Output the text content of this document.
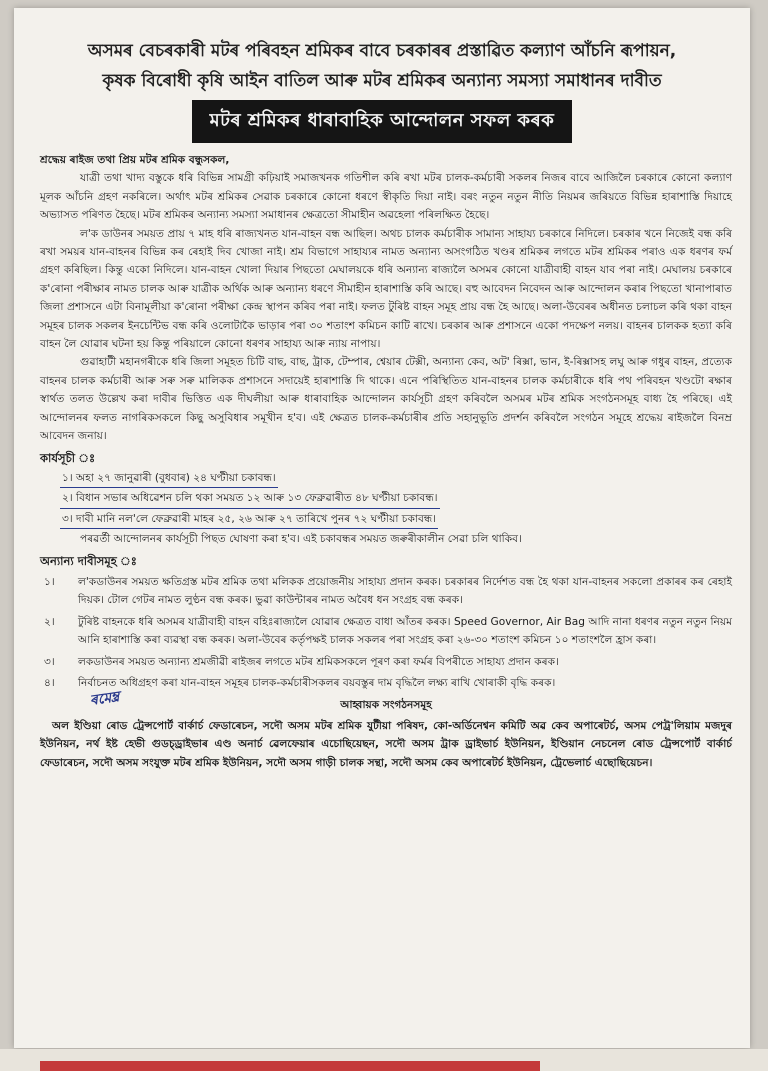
অসমৰ বেচৰকাৰী মটৰ পৰিবহন শ্ৰমিকৰ বাবে চৰকাৰৰ প্ৰস্তাৱিত কল্যাণ আঁচনি ৰূপায়ন,
কৃষক বিৰোধী কৃষি আইন বাতিল আৰু মটৰ শ্ৰমিকৰ অন্যান্য সমস্যা সমাধানৰ দাবীত
মটৰ শ্ৰমিকৰ ধাৰাবাহিক আন্দোলন সফল কৰক

শ্ৰদ্ধেয় ৰাইজ তথা প্ৰিয় মটৰ শ্ৰমিক বন্ধুসকল,

যাত্ৰী তথা খাদ্য বস্তুকে ধৰি বিভিন্ন সামগ্ৰী কঢ়িয়াই সমাজখনক গতিশীল কৰি ৰখা মটৰ চালক-কৰ্মচাৰী সকলৰ নিজৰ বাবে আজিলৈ চৰকাৰে কোনো কল্যাণ মূলক আঁচনি গ্ৰহণ নকৰিলে। অৰ্থাৎ মটৰ শ্ৰমিকৰ সেৱাক চৰকাৰে কোনো ধৰণে স্বীকৃতি দিয়া নাই। বৰং নতুন নতুন নীতি নিয়মৰ জৰিয়তে বিভিন্ন হাৰাশাস্তি দিয়াহে অভ্যাসত পৰিণত হৈছে। মটৰ শ্ৰমিকৰ অন্যান্য সমস্যা সমাধানৰ ক্ষেত্ৰতো সীমাহীন অৱহেলা পৰিলক্ষিত হৈছে।

ল'ক ডাউনৰ সময়ত প্ৰায় ৭ মাহ ধৰি ৰাজ্যখনত যান-বাহন বন্ধ আছিল। অথচ চালক কৰ্মচাৰীক সামান্য সাহায্য চৰকাৰে নিদিলে। চৰকাৰ খনে নিজেই বন্ধ কৰি ৰখা সময়ৰ যান-বাহনৰ বিভিন্ন কৰ ৰেহাই দিব খোজা নাই। শ্ৰম বিভাগে সাহায্যৰ নামত অন্যান্য অসংগঠিত খণ্ডৰ শ্ৰমিকৰ লগতে মটৰ শ্ৰমিকৰ পৰাও এক ধৰণৰ ফৰ্ম গ্ৰহণ কৰিছিল। কিন্তু একো নিদিলে। যান-বাহন খোলা দিয়াৰ পিছতো মেঘালয়কে ধৰি অন্যান্য ৰাজ্যলৈ অসমৰ কোনো যাত্ৰীবাহী বাহন যাব পৰা নাই। মেঘালয় চৰকাৰে ক'ৰোনা পৰীক্ষাৰ নামত চালক আৰু যাত্ৰীক অৰ্থিক আৰু অন্যান্য ধৰণে সীমাহীন হাৰাশাস্তি কৰি আছে। বহু আবেদন নিবেদন আৰু আন্দোলন কৰাৰ পিছতো খানাপাৰাত জিলা প্ৰশাসনে এটা বিনামূলীয়া ক'ৰোনা পৰীক্ষা কেন্দ্ৰ স্থাপন কৰিব পৰা নাই। ফলত টুৰিষ্ট বাহন সমূহ প্ৰায় বন্ধ হৈ আছে। অলা-উবেৰৰ অধীনত চলাচল কৰি থকা বাহন সমূহৰ চালক সকলৰ ইনচেন্টিভ বন্ধ কৰি ওলোটাকৈ ভাড়াৰ পৰা ৩০ শতাংশ কমিচন কাটি ৰাখে। চৰকাৰ আৰু প্ৰশাসনে একো পদক্ষেপ নলয়। বাহনৰ চালকক হত্যা কৰি বাহন লৈ যোৱাৰ ঘটনা হয় কিন্তু পৰিয়ালে কোনো ধৰণৰ সাহায্য আৰু ন্যায় নাপায়।

গুৱাহাটী মহানগৰীকে ধৰি জিলা সমূহত চিটি বাছ, বাছ, ট্ৰাক, টেম্পাৰ, শ্বেয়াৰ টেক্সী, অন্যান্য কেব, অট' ৰিক্সা, ভান, ই-ৰিক্সাসহ লঘু আৰু গধুৰ বাহন, প্ৰত্যেক বাহনৰ চালক কৰ্মচাৰী আৰু সৰু সৰু মালিকক প্ৰশাসনে সদায়েই হাৰাশাস্তি দি থাকে। এনে পৰিস্থিতিত যান-বাহনৰ চালক কৰ্মচাৰীকে ধৰি পথ পৰিবহন খণ্ডটো ৰক্ষাৰ স্বাৰ্থত তলত উল্লেখ কৰা দাবীৰ ভিত্তিত এক দীঘলীয়া আৰু ধাৰাবাহিক আন্দোলন কাৰ্যসূচী গ্ৰহণ কৰিবলৈ অসমৰ মটৰ শ্ৰমিক সংগঠনসমূহ বাধ্য হৈ পৰিছে। এই আন্দোলনৰ ফলত নাগৰিকসকলে কিছু অসুবিধাৰ সমূখীন হ'ব। এই ক্ষেত্ৰত চালক-কৰ্মচাৰীৰ প্ৰতি সহানুভূতি প্ৰদৰ্শন কৰিবলৈ সংগঠন সমূহে শ্ৰদ্ধেয় ৰাইজলৈ বিনম্ৰ আবেদন জনায়।

কাৰ্যসূচী ঃ
১। অহা ২৭ জানুৱাৰী (বুধবাৰ) ২৪ ঘণ্টীয়া চকাবন্ধ।
২। বিধান সভাৰ অধিৱেশন চলি থকা সময়ত ১২ আৰু ১৩ ফেব্ৰুৱাৰীত ৪৮ ঘণ্টীয়া চকাবন্ধ।
৩। দাবী মানি নল'লে ফেব্ৰুৱাৰী মাহৰ ২৫, ২৬ আৰু ২৭ তাৰিখে পুনৰ ৭২ ঘণ্টীয়া চকাবন্ধ।

পৰৱৰ্তী আন্দোলনৰ কাৰ্যসূচী পিছত ঘোষণা কৰা হ'ব। এই চকাবন্ধৰ সময়ত জৰুৰীকালীন সেৱা চলি থাকিব।

অন্যান্য দাবীসমূহ ঃ
১।	ল'কডাউনৰ সময়ত ক্ষতিগ্ৰস্ত মটৰ শ্ৰমিক তথা মলিকক প্ৰয়োজনীয় সাহায্য প্ৰদান কৰক। চৰকাৰৰ নিৰ্দেশত বন্ধ হৈ থকা যান-বাহনৰ সকলো প্ৰকাৰৰ কৰ ৰেহাই দিয়ক। টোল গেটৰ নামত লুণ্ঠন বন্ধ কৰক। ভুৱা কাউন্টাৰৰ নামত অবৈধ ধন সংগ্ৰহ বন্ধ কৰক।
২।	টুৰিষ্ট বাহনকে ধৰি অসমৰ যাত্ৰীবাহী বাহন বহিঃৰাজ্যলৈ যোৱাৰ ক্ষেত্ৰত বাধা আঁতৰ কৰক। Speed Governor, Air Bag আদি নানা ধৰণৰ নতুন নতুন নিয়ম আনি হাৰাশাস্তি কৰা ব্যৱস্থা বন্ধ কৰক। অলা-উবেৰ কৰ্তৃপক্ষই চালক সকলৰ পৰা সংগ্ৰহ কৰা ২৬-৩০ শতাংশ কমিচন ১০ শতাংশলৈ হ্ৰাস কৰা।
৩।	লকডাউনৰ সময়ত অন্যান্য শ্ৰমজীৱী ৰাইজৰ লগতে মটৰ শ্ৰমিকসকলে পূৰণ কৰা ফৰ্মৰ বিপৰীতে সাহায্য প্ৰদান কৰক।
৪।	নিৰ্বাচনত অধিগ্ৰহণ কৰা যান-বাহন সমূহৰ চালক-কৰ্মচাৰীসকলৰ বয়বস্তুৰ দাম বৃদ্ধিলৈ লক্ষ্য ৰাখি খোৰাকী বৃদ্ধি কৰক।
ৰমেম্ব্ৰ	আহ্বায়ক সংগঠনসমূহ

অল ইণ্ডিয়া ৰোড ট্ৰেন্সপোৰ্ট বাৰ্কাৰ্চ ফেডাৰেচন, সদৌ অসম মটৰ শ্ৰমিক যুটীয়া পৰিষদ, কো-অৰ্ডিনেশ্বন কমিটি অৱ কেব অপাৰেটৰ্চ, অসম পেট্ৰ'লিয়াম মজদুৰ ইউনিয়ন, নৰ্থ ইষ্ট হেভী গুডচ্‌ড্ৰাইভাৰ এণ্ড অনাৰ্চ ৱেলফেয়াৰ এচোছিয়েছন, সদৌ অসম ট্ৰাক ড্ৰাইভাৰ্চ ইউনিয়ন, ইণ্ডিয়ান নেচনেল ৰোড ট্ৰেন্সপোৰ্ট বাৰ্কাৰ্চ ফেডাৰেচন, সদৌ অসম সংযুক্ত মটৰ শ্ৰমিক ইউনিয়ন, সদৌ অসম গাড়ী চালক সন্থা, সদৌ অসম কেব অপাৰেটৰ্চ ইউনিয়ন, ট্ৰেভেলাৰ্চ এছোছিয়েচন।
